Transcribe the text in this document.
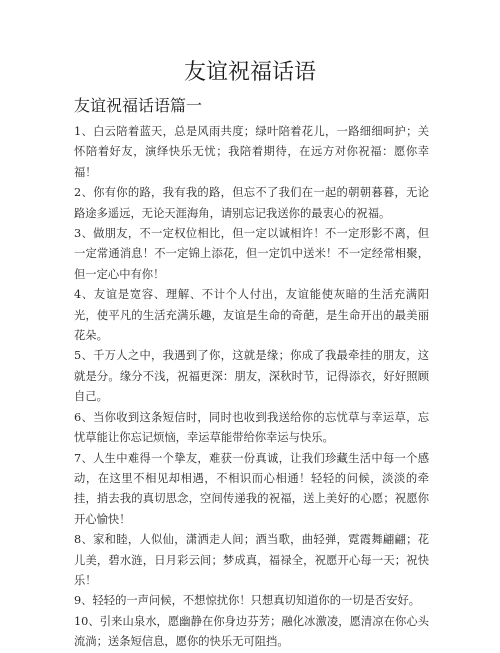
友谊祝福话语
友谊祝福话语篇一

1、白云陪着蓝天，总是风雨共度；绿叶陪着花儿，一路细细呵护；关怀陪着好友，演绎快乐无忧；我陪着期待，在远方对你祝福：愿你幸福！

2、你有你的路，我有我的路，但忘不了我们在一起的朝朝暮暮，无论路途多遥远，无论天涯海角，请别忘记我送你的最衷心的祝福。

3、做朋友，不一定权位相比，但一定以诚相许！不一定形影不离，但一定常通消息！不一定锦上添花，但一定饥中送米！不一定经常相聚，但一定心中有你！

4、友谊是宽容、理解、不计个人付出，友谊能使灰暗的生活充满阳光，使平凡的生活充满乐趣，友谊是生命的奇葩，是生命开出的最美丽花朵。

5、千万人之中，我遇到了你，这就是缘；你成了我最牵挂的朋友，这就是分。缘分不浅，祝福更深：朋友，深秋时节，记得添衣，好好照顾自己。

6、当你收到这条短信时，同时也收到我送给你的忘忧草与幸运草，忘忧草能让你忘记烦恼，幸运草能带给你幸运与快乐。

7、人生中难得一个挚友，难获一份真诚，让我们珍藏生活中每一个感动，在这里不相见却相遇，不相识而心相通！轻轻的问候，淡淡的牵挂，捎去我的真切思念，空间传递我的祝福，送上美好的心愿；祝愿你开心愉快！

8、家和睦，人似仙，潇洒走人间；酒当歌，曲轻弹，霓霞舞翩翩；花儿美，碧水涟，日月彩云间；梦成真，福禄全，祝愿开心每一天；祝快乐！

9、轻轻的一声问候，不想惊扰你！只想真切知道你的一切是否安好。

10、引来山泉水，愿幽静在你身边芬芳；融化冰激凌，愿清凉在你心头流淌；送条短信息，愿你的快乐无可阻挡。
